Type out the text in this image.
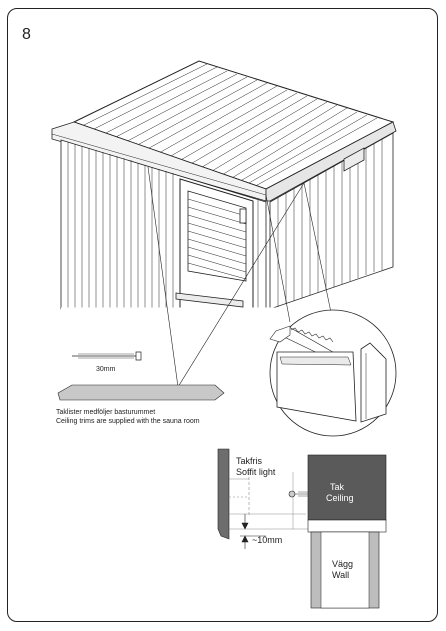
8
30mm
Taklister medföljer basturummet
Ceiling trims are supplied with the sauna room
Takfris
Soffit light
Tak
Ceiling
Vägg
Wall
~10mm
